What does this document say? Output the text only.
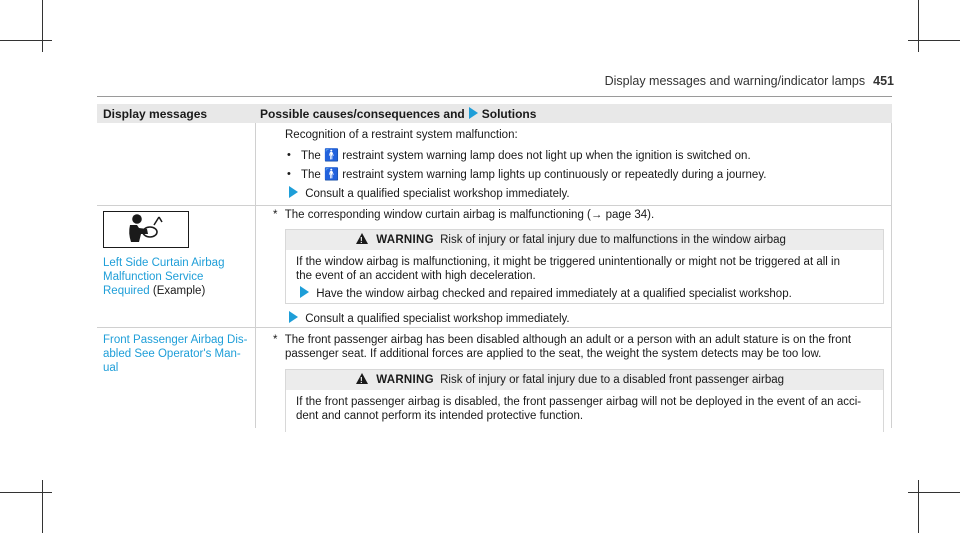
Display messages and warning/indicator lamps 451
Display messages	Possible causes/consequences and Solutions
Recognition of a restraint system malfunction:
• The 🚹 restraint system warning lamp does not light up when the ignition is switched on.
• The 🚹 restraint system warning lamp lights up continuously or repeatedly during a journey.
Consult a qualified specialist workshop immediately.
Left Side Curtain Airbag
Malfunction Service
Required (Example)
* The corresponding window curtain airbag is malfunctioning (→ page 34).
! WARNING Risk of injury or fatal injury due to malfunctions in the window airbag
If the window airbag is malfunctioning, it might be triggered unintentionally or might not be triggered at all in
the event of an accident with high deceleration.
Have the window airbag checked and repaired immediately at a qualified specialist workshop.
Consult a qualified specialist workshop immediately.
Front Passenger Airbag Dis-
abled See Operator's Man-
ual
* The front passenger airbag has been disabled although an adult or a person with an adult stature is on the front
passenger seat. If additional forces are applied to the seat, the weight the system detects may be too low.
! WARNING Risk of injury or fatal injury due to a disabled front passenger airbag
If the front passenger airbag is disabled, the front passenger airbag will not be deployed in the event of an acci-
dent and cannot perform its intended protective function.
